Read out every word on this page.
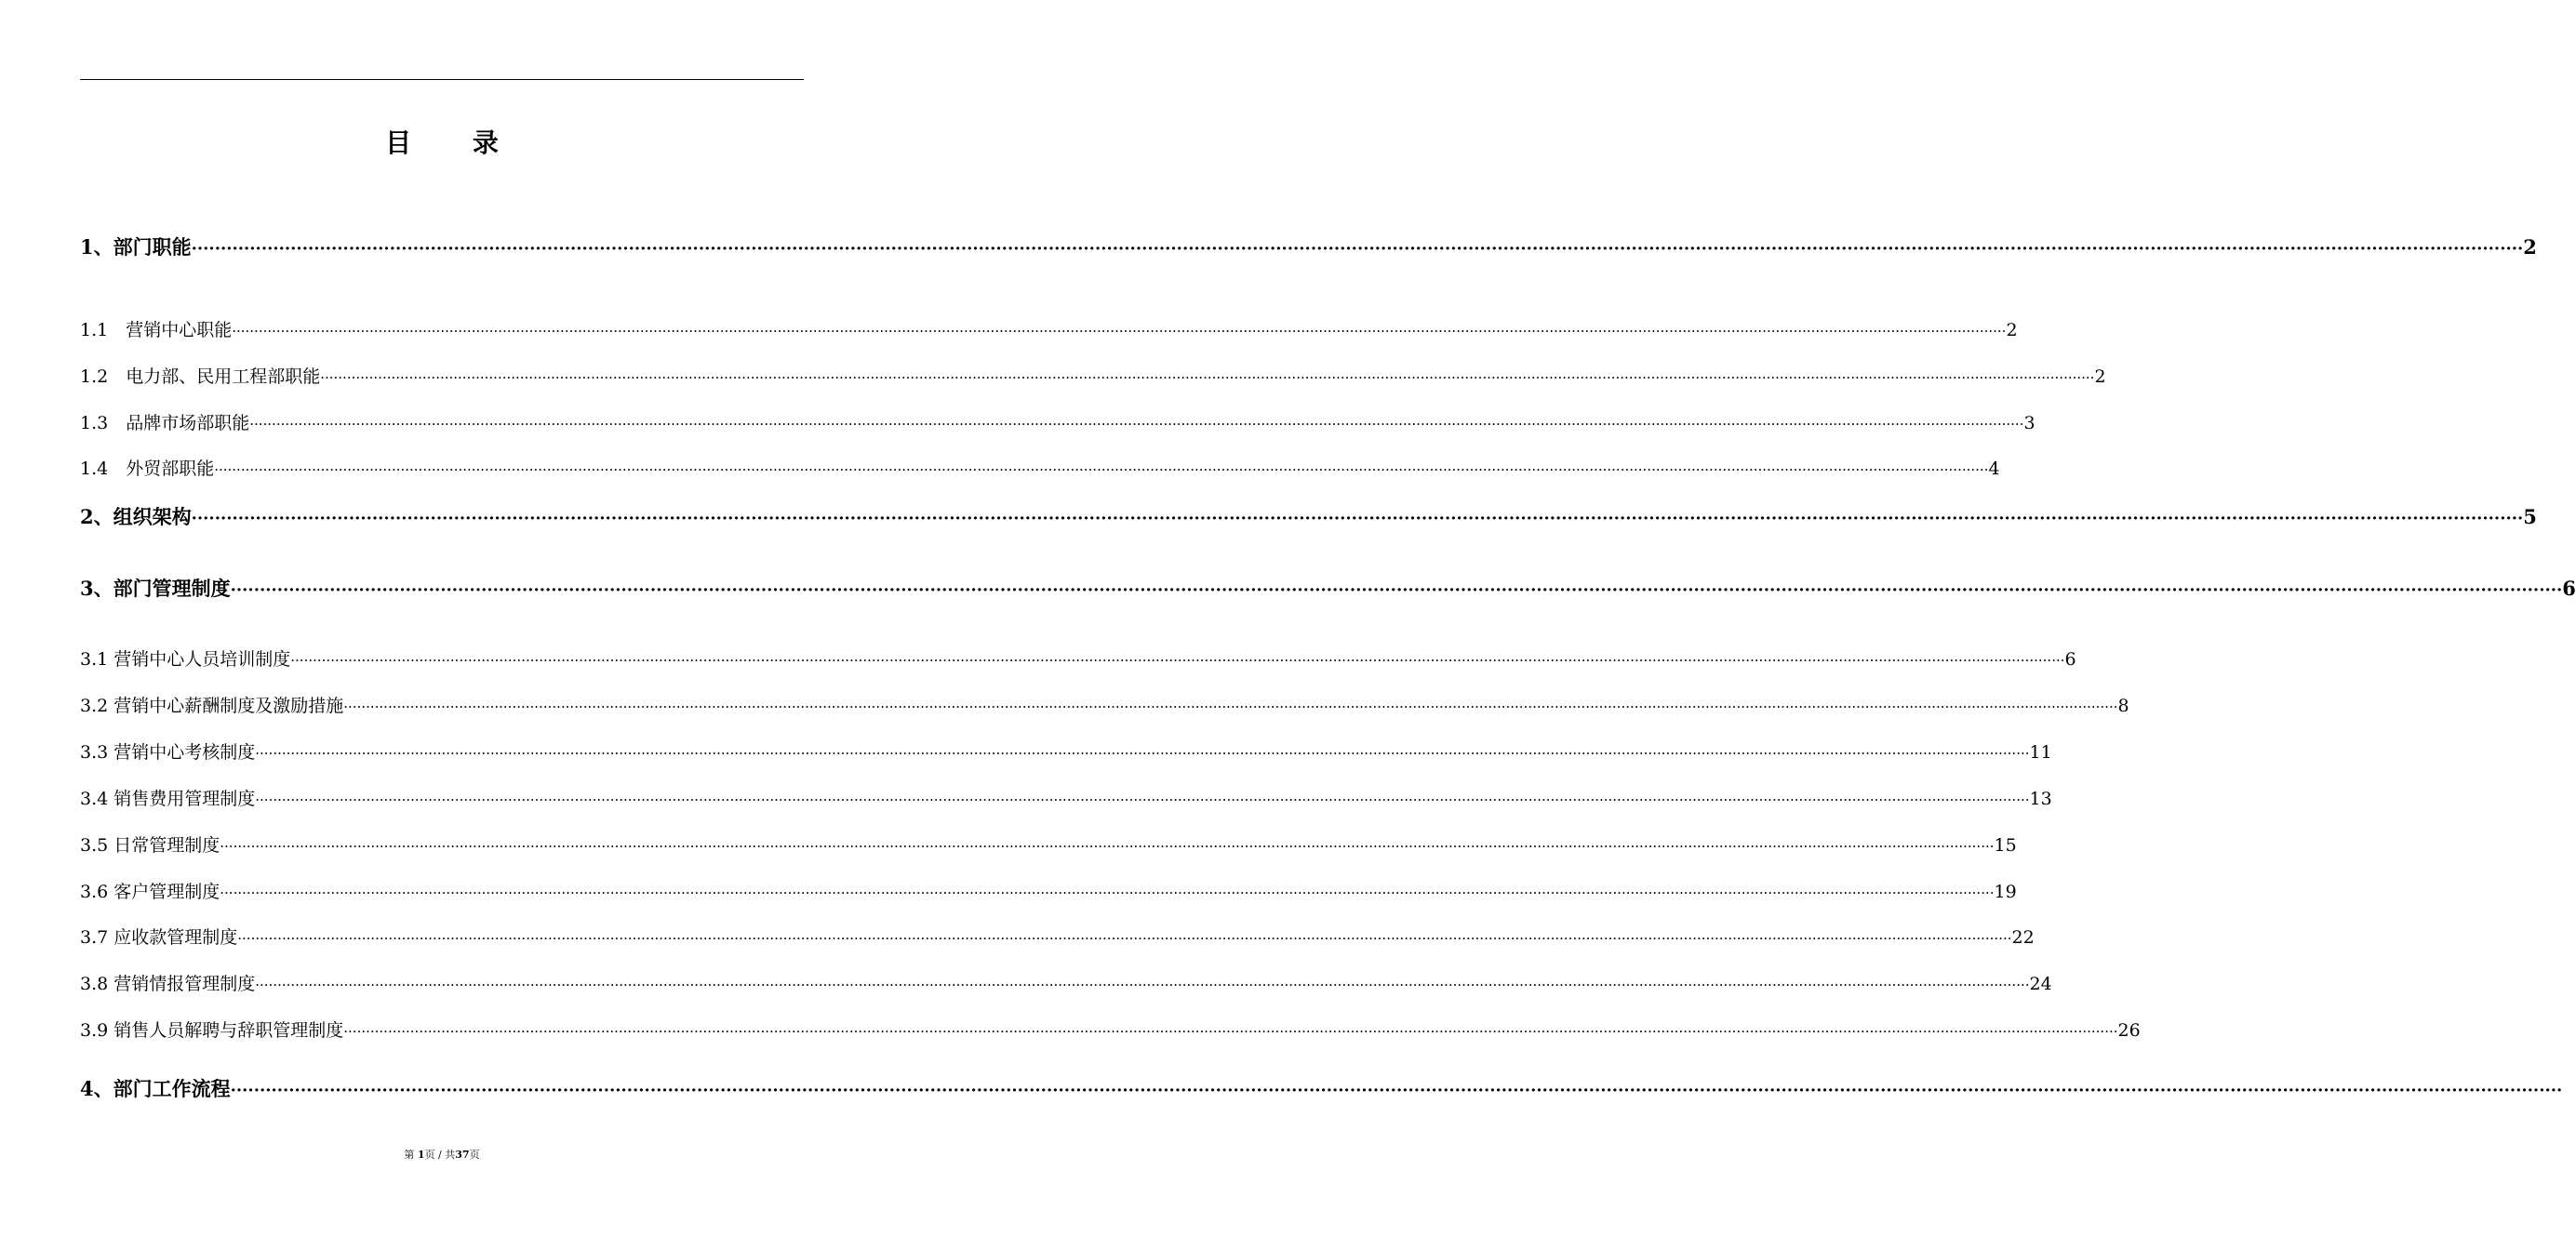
目 录
1、部门职能 ················································································································································································································································································································································································································ 2
1.1　营销中心职能 ················································································································································································································································································································································································································ 2
1.2　电力部、民用工程部职能 ················································································································································································································································································································································································································ 2
1.3　品牌市场部职能 ················································································································································································································································································································································································································ 3
1.4　外贸部职能 ················································································································································································································································································································································································································ 4
2、组织架构 ················································································································································································································································································································································································································ 5
3、部门管理制度 ················································································································································································································································································································································································································ 6
3.1 营销中心人员培训制度 ················································································································································································································································································································································································································ 6
3.2 营销中心薪酬制度及激励措施 ················································································································································································································································································································································································································ 8
3.3 营销中心考核制度 ················································································································································································································································································································································································································ 11
3.4 销售费用管理制度 ················································································································································································································································································································································································································ 13
3.5 日常管理制度 ················································································································································································································································································································································································································ 15
3.6 客户管理制度 ················································································································································································································································································································································································································ 19
3.7 应收款管理制度 ················································································································································································································································································································································································································ 22
3.8 营销情报管理制度 ················································································································································································································································································································································································································ 24
3.9 销售人员解聘与辞职管理制度 ················································································································································································································································································································································································································ 26
4、部门工作流程 ················································································································································································································································································································································································································
第 1页 / 共37页
